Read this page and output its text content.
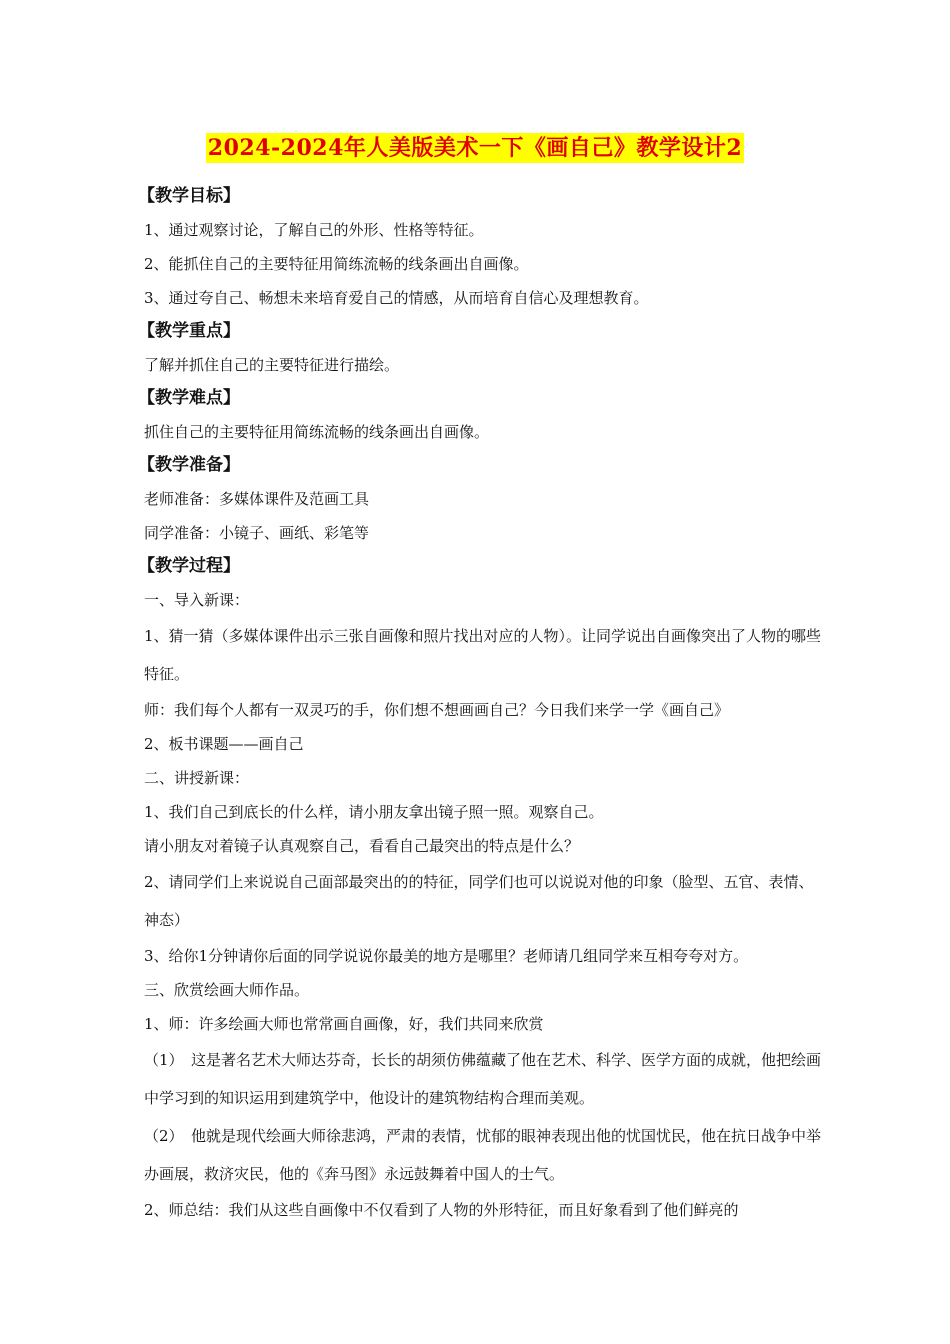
2024-2024年人美版美术一下《画自己》教学设计2
【教学目标】
1、通过观察讨论，了解自己的外形、性格等特征。
2、能抓住自己的主要特征用简练流畅的线条画出自画像。
3、通过夸自己、畅想未来培育爱自己的情感，从而培育自信心及理想教育。
【教学重点】
了解并抓住自己的主要特征进行描绘。
【教学难点】
抓住自己的主要特征用简练流畅的线条画出自画像。
【教学准备】
老师准备：多媒体课件及范画工具
同学准备：小镜子、画纸、彩笔等
【教学过程】
一、导入新课：
1、猜一猜（多媒体课件出示三张自画像和照片找出对应的人物）。让同学说出自画像突出了人物的哪些特征。
师：我们每个人都有一双灵巧的手，你们想不想画画自己？今日我们来学一学《画自己》
2、板书课题——画自己
二、讲授新课：
1、我们自己到底长的什么样，请小朋友拿出镜子照一照。观察自己。
请小朋友对着镜子认真观察自己，看看自己最突出的特点是什么？
2、请同学们上来说说自己面部最突出的的特征，同学们也可以说说对他的印象（脸型、五官、表情、神态）
3、给你1分钟请你后面的同学说说你最美的地方是哪里？老师请几组同学来互相夸夸对方。
三、欣赏绘画大师作品。
1、师：许多绘画大师也常常画自画像，好，我们共同来欣赏
（1）　这是著名艺术大师达芬奇，长长的胡须仿佛蕴藏了他在艺术、科学、医学方面的成就，他把绘画中学习到的知识运用到建筑学中，他设计的建筑物结构合理而美观。
（2）　他就是现代绘画大师徐悲鸿，严肃的表情，忧郁的眼神表现出他的忧国忧民，他在抗日战争中举办画展，救济灾民，他的《奔马图》永远鼓舞着中国人的士气。
2、师总结：我们从这些自画像中不仅看到了人物的外形特征，而且好象看到了他们鲜亮的
